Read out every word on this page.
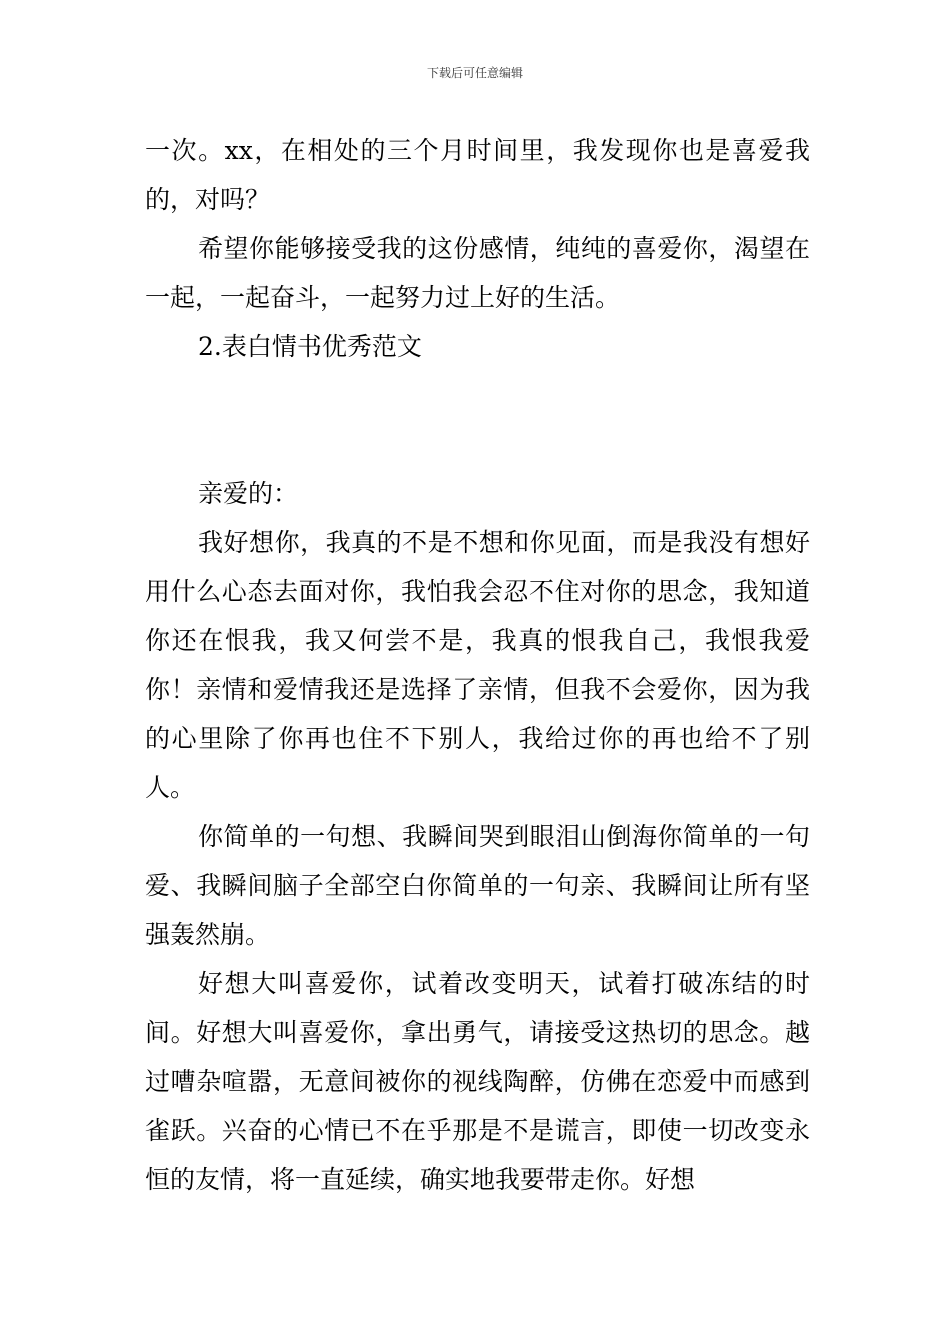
下载后可任意编辑

一次。xx，在相处的三个月时间里，我发现你也是喜爱我的，对吗？

希望你能够接受我的这份感情，纯纯的喜爱你，渴望在一起，一起奋斗，一起努力过上好的生活。

2.表白情书优秀范文

亲爱的：

我好想你，我真的不是不想和你见面，而是我没有想好用什么心态去面对你，我怕我会忍不住对你的思念，我知道你还在恨我，我又何尝不是，我真的恨我自己，我恨我爱你！亲情和爱情我还是选择了亲情，但我不会爱你，因为我的心里除了你再也住不下别人，我给过你的再也给不了别人。

你简单的一句想、我瞬间哭到眼泪山倒海你简单的一句爱、我瞬间脑子全部空白你简单的一句亲、我瞬间让所有坚强轰然崩。

好想大叫喜爱你，试着改变明天，试着打破冻结的时间。好想大叫喜爱你，拿出勇气，请接受这热切的思念。越过嘈杂喧嚣，无意间被你的视线陶醉，仿佛在恋爱中而感到雀跃。兴奋的心情已不在乎那是不是谎言，即使一切改变永恒的友情，将一直延续，确实地我要带走你。好想
